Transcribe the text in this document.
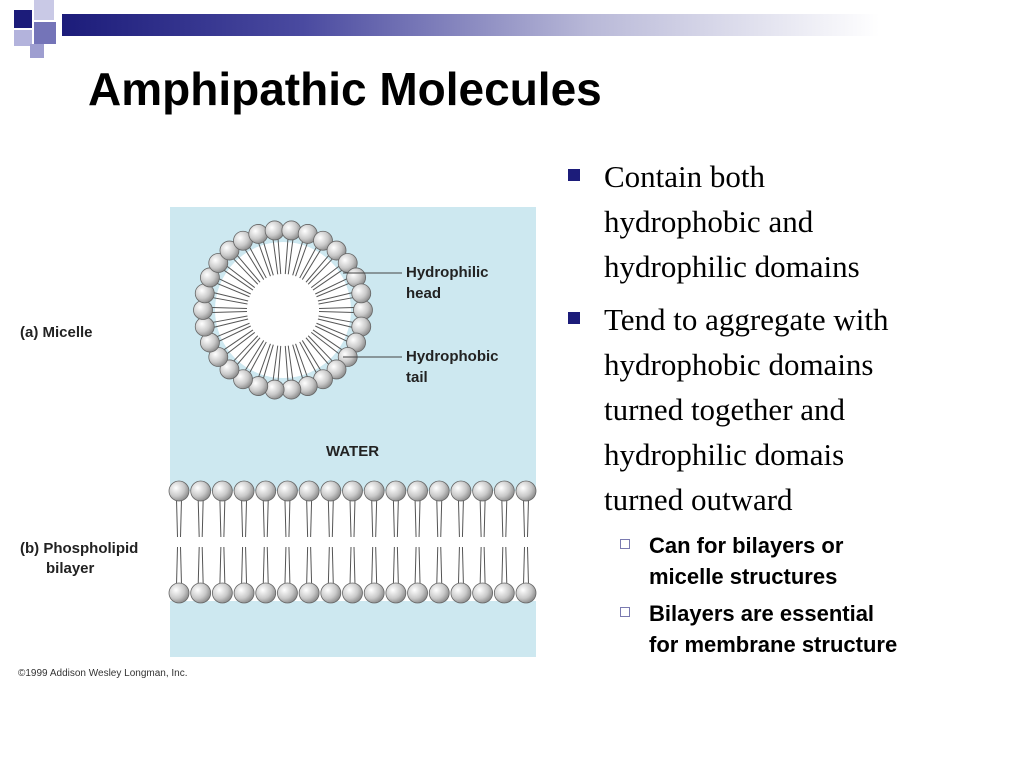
Amphipathic Molecules
Hydrophilic
head
Hydrophobic
tail
WATER
(a) Micelle
(b) Phospholipid
bilayer
©1999 Addison Wesley Longman, Inc.
Contain both
hydrophobic and
hydrophilic domains
Tend to aggregate with
hydrophobic domains
turned together and
hydrophilic domais
turned outward
Can for bilayers or
micelle structures
Bilayers are essential
for membrane structure
